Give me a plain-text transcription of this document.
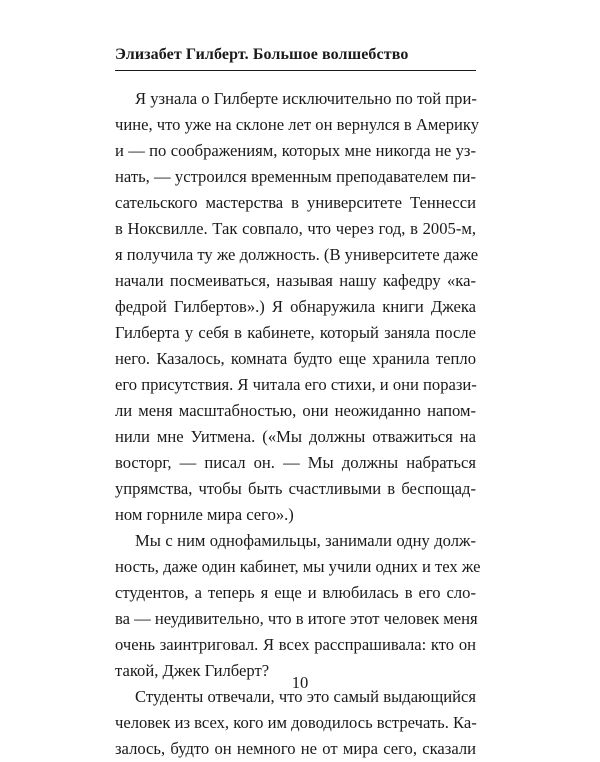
Элизабет Гилберт. Большое волшебство
Я узнала о Гилберте исключительно по той при-
чине, что уже на склоне лет он вернулся в Америку
и — по соображениям, которых мне никогда не уз-
нать, — устроился временным преподавателем пи-
сательского мастерства в университете Теннесси
в Ноксвилле. Так совпало, что через год, в 2005-м,
я получила ту же должность. (В университете даже
начали посмеиваться, называя нашу кафедру «ка-
федрой Гилбертов».) Я обнаружила книги Джека
Гилберта у себя в кабинете, который заняла после
него. Казалось, комната будто еще хранила тепло
его присутствия. Я читала его стихи, и они порази-
ли меня масштабностью, они неожиданно напом-
нили мне Уитмена. («Мы должны отважиться на
восторг, — писал он. — Мы должны набраться
упрямства, чтобы быть счастливыми в беспощад-
ном горниле мира сего».)
Мы с ним однофамильцы, занимали одну долж-
ность, даже один кабинет, мы учили одних и тех же
студентов, а теперь я еще и влюбилась в его сло-
ва — неудивительно, что в итоге этот человек меня
очень заинтриговал. Я всех расспрашивала: кто он
такой, Джек Гилберт?
Студенты отвечали, что это самый выдающийся
человек из всех, кого им доводилось встречать. Ка-
залось, будто он немного не от мира сего, сказали
10
